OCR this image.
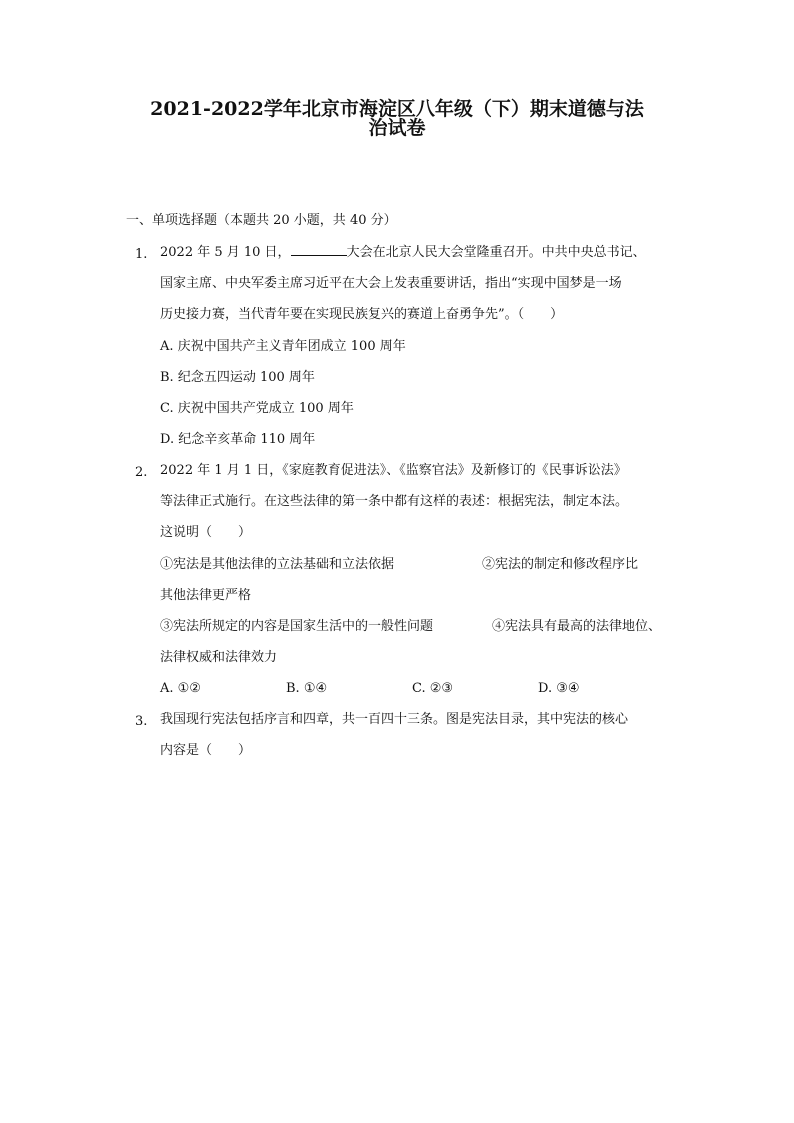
2021-2022学年北京市海淀区八年级（下）期末道德与法
治试卷

一、单项选择题（本题共 20 小题，共 40 分）

1. 2022 年 5 月 10 日，	大会在北京人民大会堂隆重召开。中共中央总书记、

国家主席、中央军委主席习近平在大会上发表重要讲话，指出“实现中国梦是一场

历史接力赛，当代青年要在实现民族复兴的赛道上奋勇争先”。（　　）

A. 庆祝中国共产主义青年团成立 100 周年
B. 纪念五四运动 100 周年
C. 庆祝中国共产党成立 100 周年
D. 纪念辛亥革命 110 周年
2. 2022 年 1 月 1 日，《家庭教育促进法》、《监察官法》及新修订的《民事诉讼法》

等法律正式施行。在这些法律的第一条中都有这样的表述：根据宪法，制定本法。

这说明（　　）

①宪法是其他法律的立法基础和立法依据	②宪法的制定和修改程序比

其他法律更严格

③宪法所规定的内容是国家生活中的一般性问题	④宪法具有最高的法律地位、

法律权威和法律效力

A. ①②	B. ①④	C. ②③	D. ③④
3. 我国现行宪法包括序言和四章，共一百四十三条。图是宪法目录，其中宪法的核心

内容是（　　）
